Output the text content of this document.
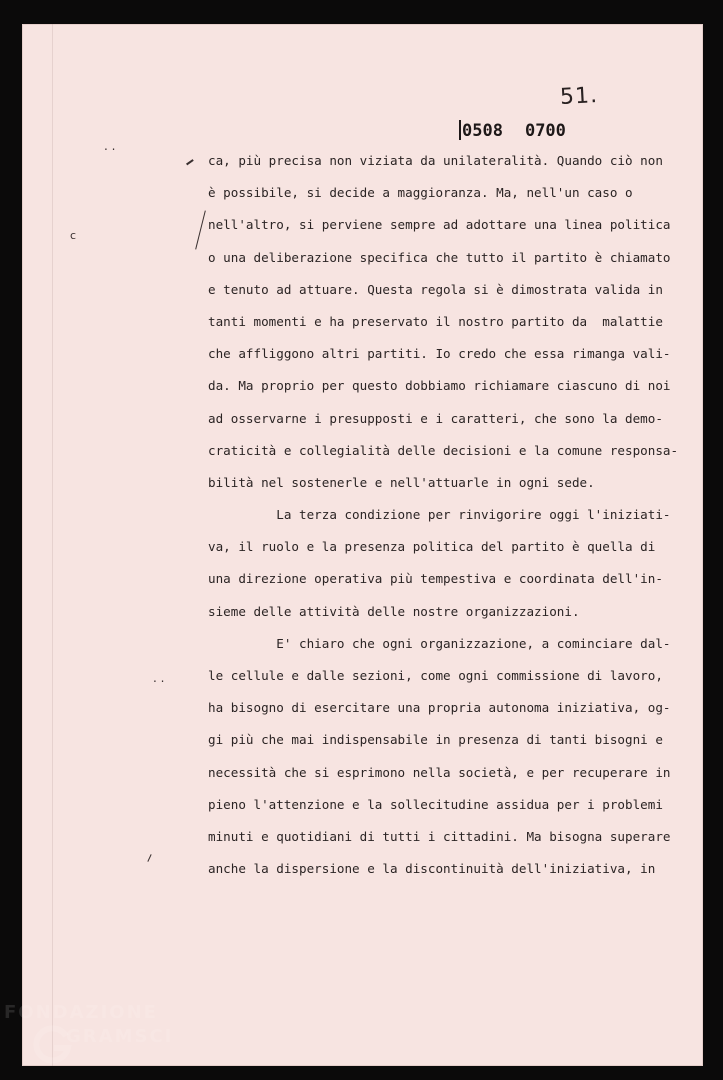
51.
0508 0700
ca, più precisa non viziata da unilateralità. Quando ciò non
è possibile, si decide a maggioranza. Ma, nell'un caso o
nell'altro, si perviene sempre ad adottare una linea politica
o una deliberazione specifica che tutto il partito è chiamato
e tenuto ad attuare. Questa regola si è dimostrata valida in
tanti momenti e ha preservato il nostro partito da  malattie
che affliggono altri partiti. Io credo che essa rimanga vali-
da. Ma proprio per questo dobbiamo richiamare ciascuno di noi
ad osservarne i presupposti e i caratteri, che sono la demo-
craticità e collegialità delle decisioni e la comune responsa-
bilità nel sostenerle e nell'attuarle in ogni sede.
La terza condizione per rinvigorire oggi l'iniziati-
va, il ruolo e la presenza politica del partito è quella di
una direzione operativa più tempestiva e coordinata dell'in-
sieme delle attività delle nostre organizzazioni.
E' chiaro che ogni organizzazione, a cominciare dal-
le cellule e dalle sezioni, come ogni commissione di lavoro,
ha bisogno di esercitare una propria autonoma iniziativa, og-
gi più che mai indispensabile in presenza di tanti bisogni e
necessità che si esprimono nella società, e per recuperare in
pieno l'attenzione e la sollecitudine assidua per i problemi
minuti e quotidiani di tutti i cittadini. Ma bisogna superare
anche la dispersione e la discontinuità dell'iniziativa, in
. .
. .
c
FONDAZIONE
GRAMSCI
